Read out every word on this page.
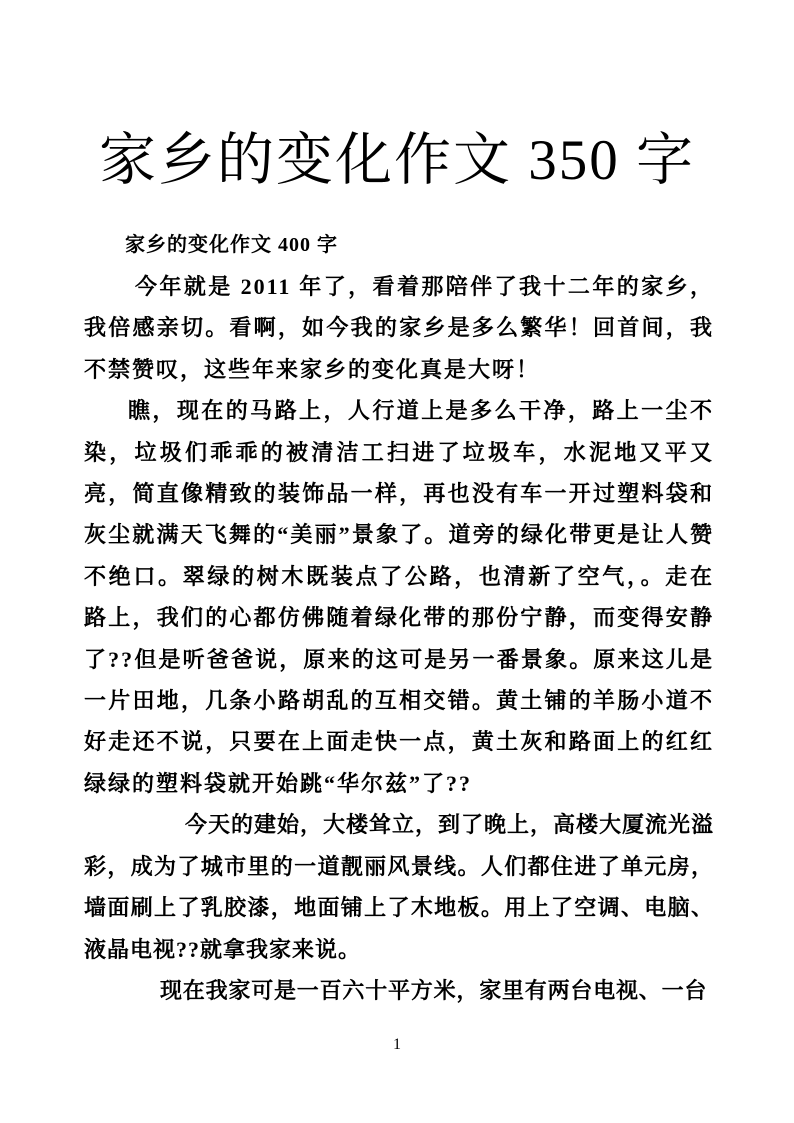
家乡的变化作文 350 字
家乡的变化作文 400 字

今年就是 2011 年了，看着那陪伴了我十二年的家乡，我倍感亲切。看啊，如今我的家乡是多么繁华！回首间，我不禁赞叹，这些年来家乡的变化真是大呀！

瞧，现在的马路上，人行道上是多么干净，路上一尘不染，垃圾们乖乖的被清洁工扫进了垃圾车，水泥地又平又亮，简直像精致的装饰品一样，再也没有车一开过塑料袋和灰尘就满天飞舞的“美丽”景象了。道旁的绿化带更是让人赞不绝口。翠绿的树木既装点了公路，也清新了空气，。走在路上，我们的心都仿佛随着绿化带的那份宁静，而变得安静了??但是听爸爸说，原来的这可是另一番景象。原来这儿是一片田地，几条小路胡乱的互相交错。黄土铺的羊肠小道不好走还不说，只要在上面走快一点，黄土灰和路面上的红红绿绿的塑料袋就开始跳“华尔兹”了??

今天的建始，大楼耸立，到了晚上，高楼大厦流光溢彩，成为了城市里的一道靓丽风景线。人们都住进了单元房，墙面刷上了乳胶漆，地面铺上了木地板。用上了空调、电脑、液晶电视??就拿我家来说。

现在我家可是一百六十平方米，家里有两台电视、一台

1
